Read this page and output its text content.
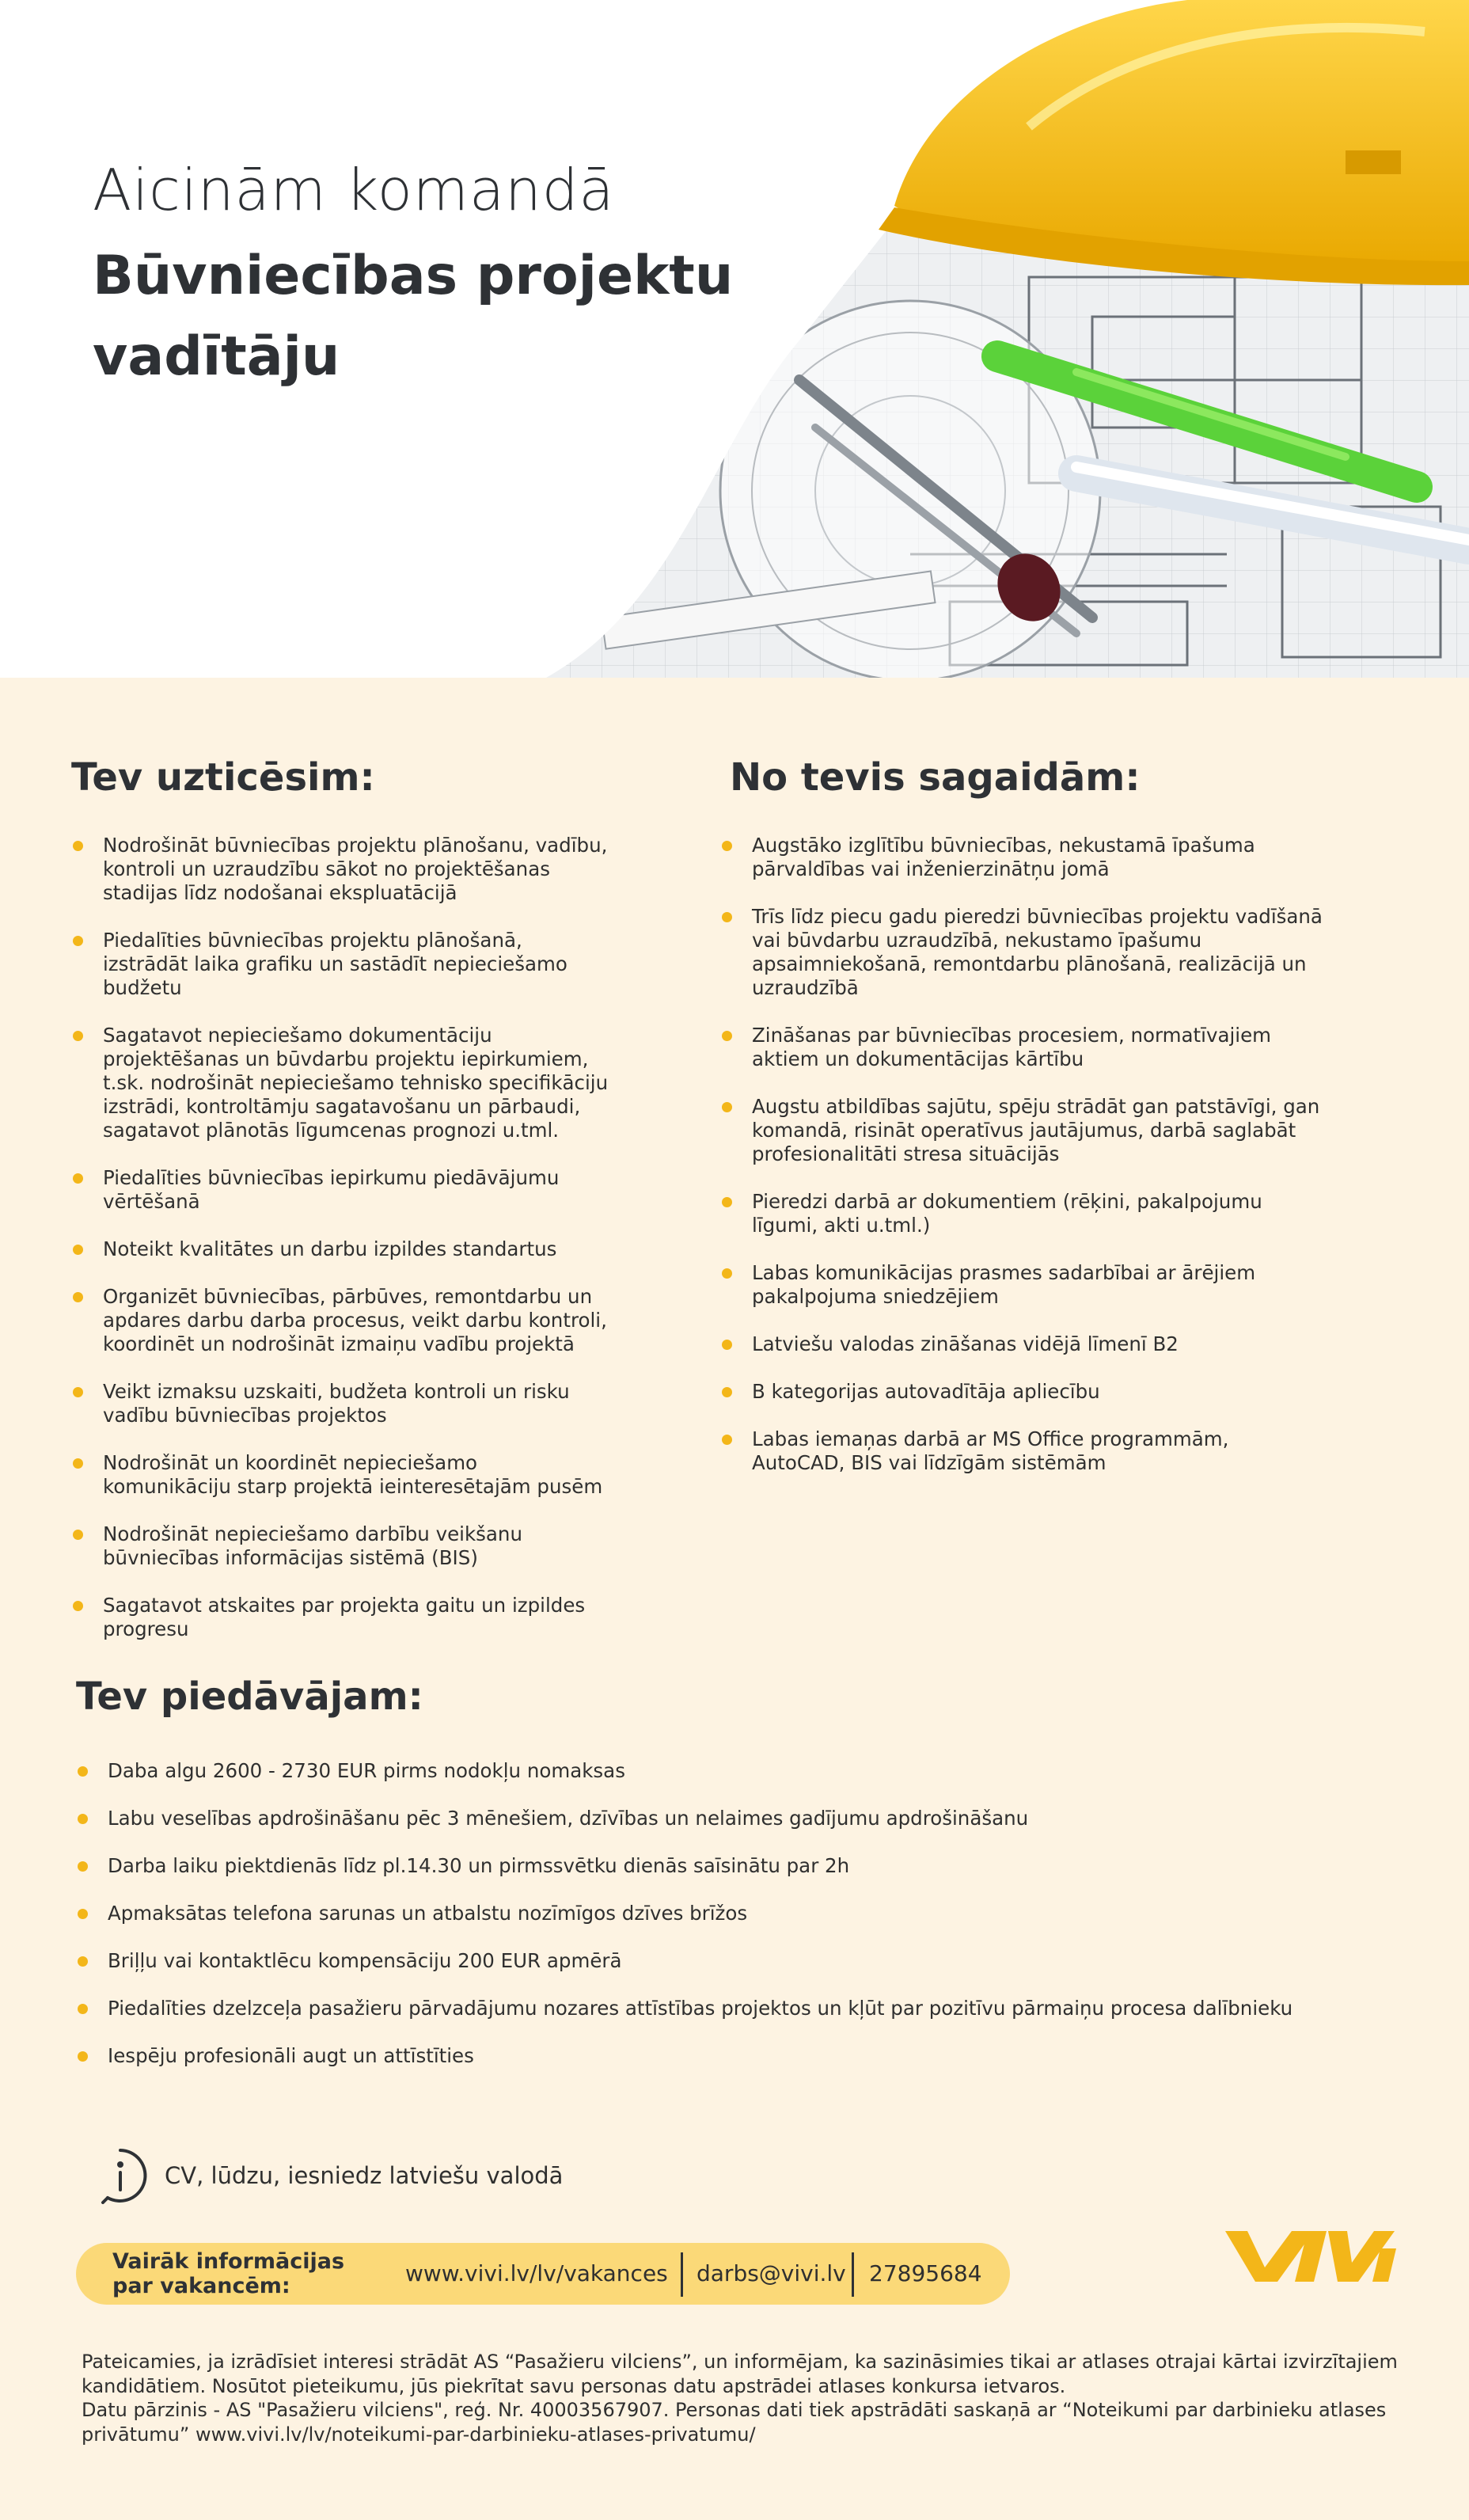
Aicinām komandā
Būvniecības projektu
vadītāju
Tev uzticēsim:
Nodrošināt būvniecības projektu plānošanu, vadību, kontroli un uzraudzību sākot no projektēšanas stadijas līdz nodošanai ekspluatācijā
Piedalīties būvniecības projektu plānošanā, izstrādāt laika grafiku un sastādīt nepieciešamo budžetu
Sagatavot nepieciešamo dokumentāciju projektēšanas un būvdarbu projektu iepirkumiem, t.sk. nodrošināt nepieciešamo tehnisko specifikāciju izstrādi, kontroltāmju sagatavošanu un pārbaudi, sagatavot plānotās līgumcenas prognozi u.tml.
Piedalīties būvniecības iepirkumu piedāvājumu vērtēšanā
Noteikt kvalitātes un darbu izpildes standartus
Organizēt būvniecības, pārbūves, remontdarbu un apdares darbu darba procesus, veikt darbu kontroli, koordinēt un nodrošināt izmaiņu vadību projektā
Veikt izmaksu uzskaiti, budžeta kontroli un risku vadību būvniecības projektos
Nodrošināt un koordinēt nepieciešamo komunikāciju starp projektā ieinteresētajām pusēm
Nodrošināt nepieciešamo darbību veikšanu būvniecības informācijas sistēmā (BIS)
Sagatavot atskaites par projekta gaitu un izpildes progresu
No tevis sagaidām:
Augstāko izglītību būvniecības, nekustamā īpašuma pārvaldības vai inženierzinātņu jomā
Trīs līdz piecu gadu pieredzi būvniecības projektu vadīšanā vai būvdarbu uzraudzībā, nekustamo īpašumu apsaimniekošanā, remontdarbu plānošanā, realizācijā un uzraudzībā
Zināšanas par būvniecības procesiem, normatīvajiem aktiem un dokumentācijas kārtību
Augstu atbildības sajūtu, spēju strādāt gan patstāvīgi, gan komandā, risināt operatīvus jautājumus, darbā saglabāt profesionalitāti stresa situācijās
Pieredzi darbā ar dokumentiem (rēķini, pakalpojumu līgumi, akti u.tml.)
Labas komunikācijas prasmes sadarbībai ar ārējiem pakalpojuma sniedzējiem
Latviešu valodas zināšanas vidējā līmenī B2
B kategorijas autovadītāja apliecību
Labas iemaņas darbā ar MS Office programmām, AutoCAD, BIS vai līdzīgām sistēmām
Tev piedāvājam:
Daba algu 2600 - 2730 EUR pirms nodokļu nomaksas
Labu veselības apdrošināšanu pēc 3 mēnešiem, dzīvības un nelaimes gadījumu apdrošināšanu
Darba laiku piektdienās līdz pl.14.30 un pirmssvētku dienās saīsinātu par 2h
Apmaksātas telefona sarunas un atbalstu nozīmīgos dzīves brīžos
Briļļu vai kontaktlēcu kompensāciju 200 EUR apmērā
Piedalīties dzelzceļa pasažieru pārvadājumu nozares attīstības projektos un kļūt par pozitīvu pārmaiņu procesa dalībnieku
Iespēju profesionāli augt un attīstīties
CV, lūdzu, iesniedz latviešu valodā
Vairāk informācijas par vakancēm:	www.vivi.lv/lv/vakances darbs@vivi.lv 27895684

Pateicamies, ja izrādīsiet interesi strādāt AS “Pasažieru vilciens”, un informējam, ka sazināsimies tikai ar atlases otrajai kārtai izvirzītajiem kandidātiem. Nosūtot pieteikumu, jūs piekrītat savu personas datu apstrādei atlases konkursa ietvaros.

Datu pārzinis - AS "Pasažieru vilciens", reģ. Nr. 40003567907. Personas dati tiek apstrādāti saskaņā ar “Noteikumi par darbinieku atlases privātumu” www.vivi.lv/lv/noteikumi-par-darbinieku-atlases-privatumu/
